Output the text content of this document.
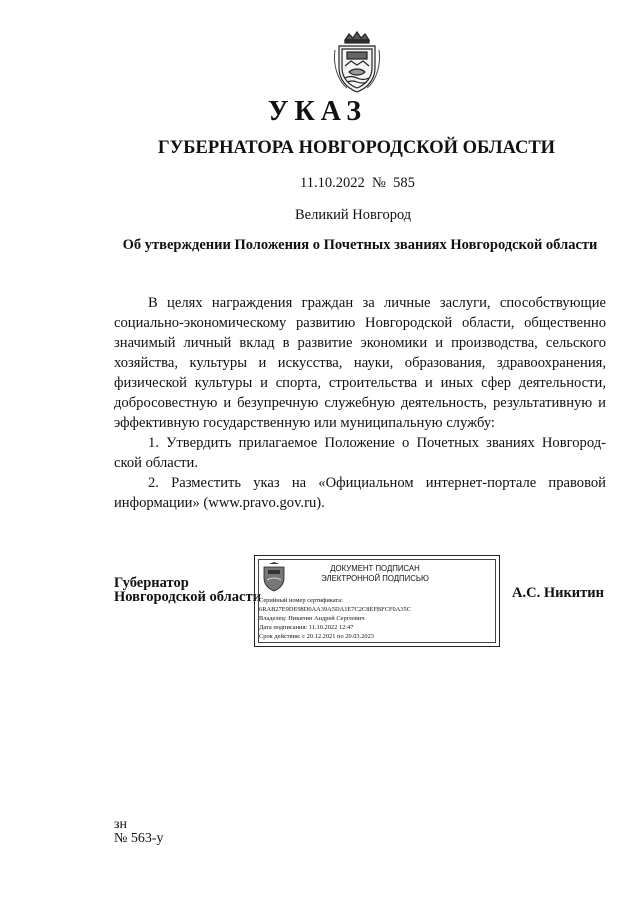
УКАЗ
ГУБЕРНАТОРА НОВГОРОДСКОЙ ОБЛАСТИ
11.10.2022 № 585
Великий Новгород
Об утверждении Положения о Почетных званиях Новгородской области

В целях награждения граждан за личные заслуги, способствующие социально-экономическому развитию Новгородской области, общественно значимый личный вклад в развитие экономики и производства, сельского хозяйства, культуры и искусства, науки, образования, здравоохранения, физической культуры и спорта, строительства и иных сфер деятельности, добросовестную и безупречную служебную деятельность, результативную и эффективную государственную или муниципальную службу:

1. Утвердить прилагаемое Положение о Почетных званиях Новгород-ской области.

2. Разместить указ на «Официальном интернет-портале правовой информации» (www.pravo.gov.ru).

Губернатор
Новгородской области
ДОКУМЕНТ ПОДПИСАН
ЭЛЕКТРОННОЙ ПОДПИСЬЮ
Серийный номер сертификата:
6RAB27E9DE98D0AA39A5DA1E7C2C8EFBFCF0A35C
Владелец: Никитин Андрей Сергеевич
Дата подписания: 11.10.2022 12:47
Срок действия: с 20.12.2021 по 20.03.2023
А.С. Никитин
зн
№ 563-у
